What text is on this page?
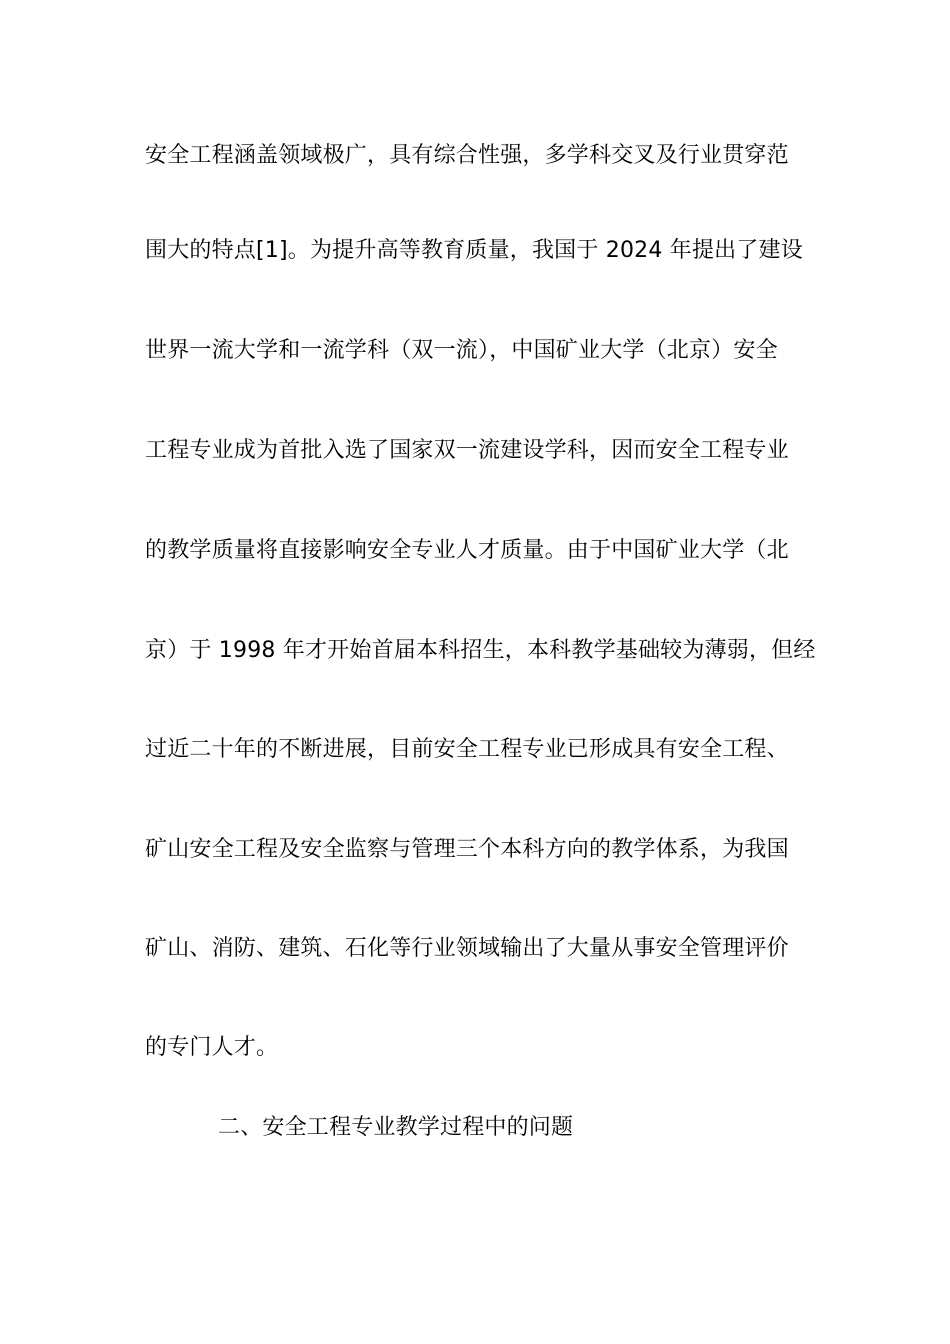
安全工程涵盖领域极广，具有综合性强，多学科交叉及行业贯穿范
围大的特点[1]。为提升高等教育质量，我国于 2024 年提出了建设
世界一流大学和一流学科（双一流），中国矿业大学（北京）安全
工程专业成为首批入选了国家双一流建设学科，因而安全工程专业
的教学质量将直接影响安全专业人才质量。由于中国矿业大学（北
京）于 1998 年才开始首届本科招生，本科教学基础较为薄弱，但经
过近二十年的不断进展，目前安全工程专业已形成具有安全工程、
矿山安全工程及安全监察与管理三个本科方向的教学体系，为我国
矿山、消防、建筑、石化等行业领域输出了大量从事安全管理评价
的专门人才。
二、安全工程专业教学过程中的问题
